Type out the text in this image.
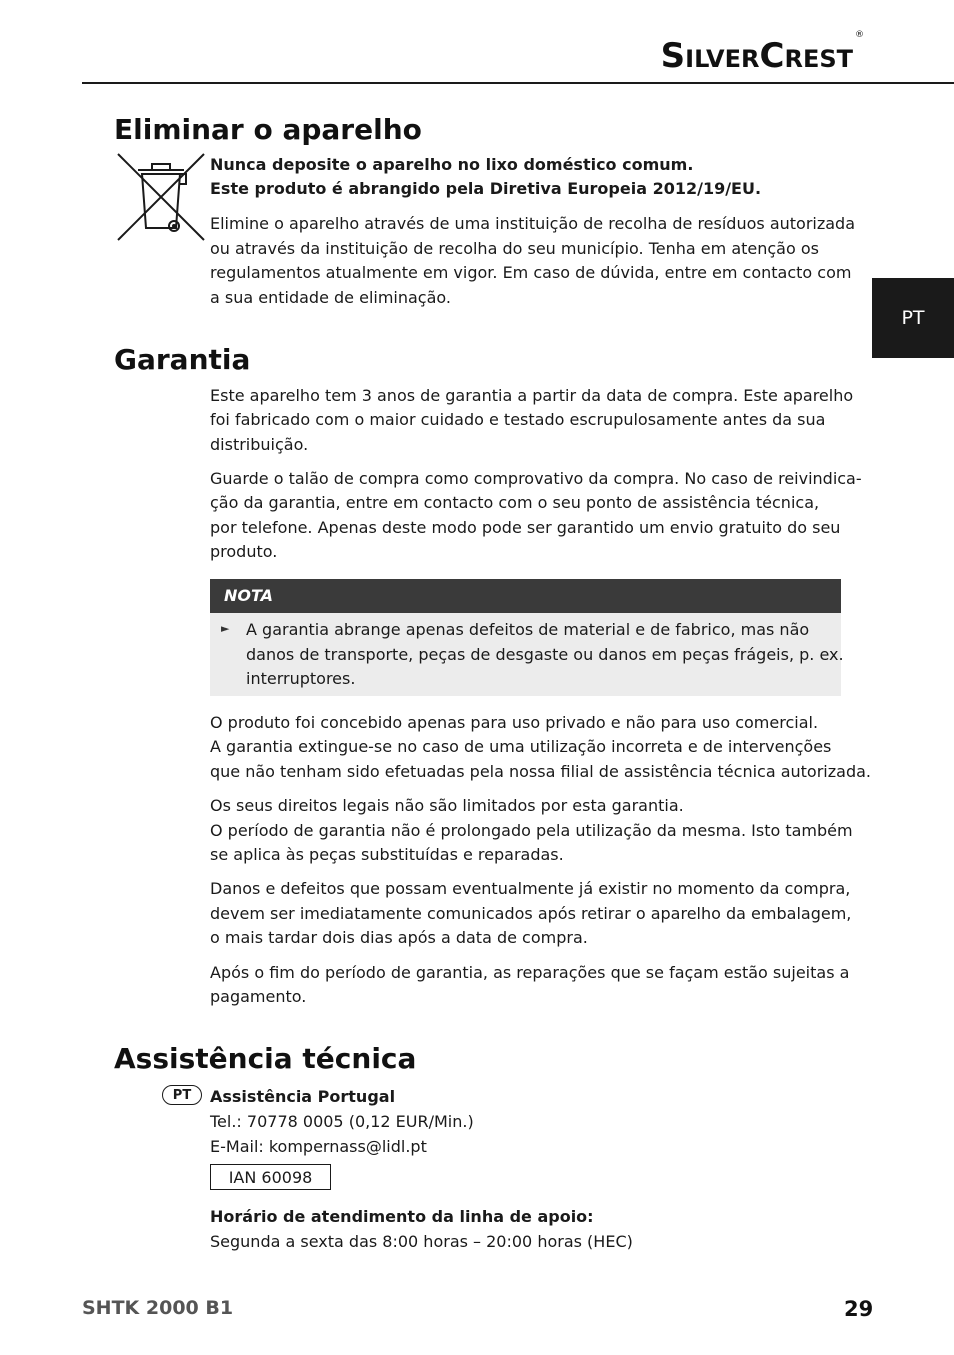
SilverCrest®
PT
Eliminar o aparelho
Nunca deposite o aparelho no lixo doméstico comum.
Este produto é abrangido pela Diretiva Europeia 2012/19/EU.
Elimine o aparelho através de uma instituição de recolha de resíduos autorizada
ou através da instituição de recolha do seu município. Tenha em atenção os
regulamentos atualmente em vigor. Em caso de dúvida, entre em contacto com
a sua entidade de eliminação.
Garantia
Este aparelho tem 3 anos de garantia a partir da data de compra. Este aparelho
foi fabricado com o maior cuidado e testado escrupulosamente antes da sua
distribuição.
Guarde o talão de compra como comprovativo da compra. No caso de reivindica-
ção da garantia, entre em contacto com o seu ponto de assistência técnica,
por telefone. Apenas deste modo pode ser garantido um envio gratuito do seu
produto.
NOTA
► A garantia abrange apenas defeitos de material e de fabrico, mas não
danos de transporte, peças de desgaste ou danos em peças frágeis, p. ex.
interruptores.
O produto foi concebido apenas para uso privado e não para uso comercial.
A garantia extingue-se no caso de uma utilização incorreta e de intervenções
que não tenham sido efetuadas pela nossa filial de assistência técnica autorizada.
Os seus direitos legais não são limitados por esta garantia.
O período de garantia não é prolongado pela utilização da mesma. Isto também
se aplica às peças substituídas e reparadas.
Danos e defeitos que possam eventualmente já existir no momento da compra,
devem ser imediatamente comunicados após retirar o aparelho da embalagem,
o mais tardar dois dias após a data de compra.
Após o fim do período de garantia, as reparações que se façam estão sujeitas a
pagamento.
Assistência técnica
PT	Assistência Portugal
Tel.: 70778 0005 (0,12 EUR/Min.)
E-Mail: kompernass@lidl.pt
IAN 60098
Horário de atendimento da linha de apoio:
Segunda a sexta das 8:00 horas – 20:00 horas (HEC)
SHTK 2000 B1	29
